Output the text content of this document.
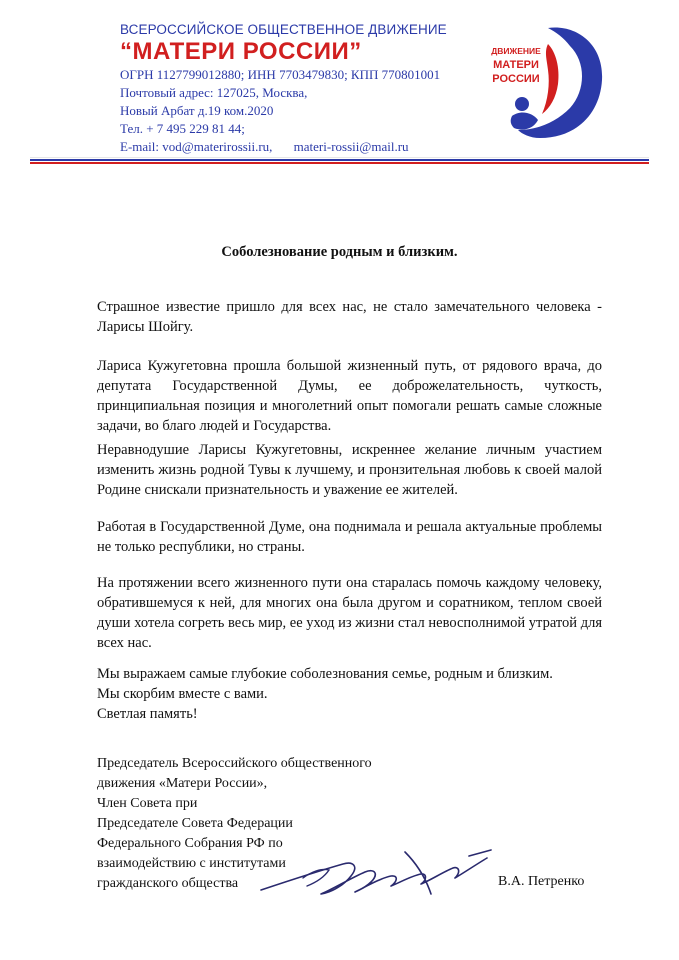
ВСЕРОССИЙСКОЕ ОБЩЕСТВЕННОЕ ДВИЖЕНИЕ
“МАТЕРИ РОССИИ”
ОГРН 1127799012880; ИНН 7703479830; КПП 770801001
Почтовый адрес: 127025, Москва,
Новый Арбат д.19 ком.2020
Тел. + 7 495 229 81 44;
E-mail: vod@materirossii.ru, materi-rossii@mail.ru
ДВИЖЕНИЕ
МАТЕРИ
РОССИИ
Соболезнование родным и близким.
Страшное известие пришло для всех нас, не стало замечательного человека - Ларисы Шойгу.
Лариса Кужугетовна прошла большой жизненный путь, от рядового врача, до депутата Государственной Думы, ее доброжелательность, чуткость, принципиальная позиция и многолетний опыт помогали решать самые сложные задачи, во благо людей и Государства.
Неравнодушие Ларисы Кужугетовны, искреннее желание личным участием изменить жизнь родной Тувы к лучшему, и пронзительная любовь к своей малой Родине снискали признательность и уважение ее жителей.
Работая в Государственной Думе, она поднимала и решала актуальные проблемы не только республики, но страны.
На протяжении всего жизненного пути она старалась помочь каждому человеку, обратившемуся к ней, для многих она была другом и соратником, теплом своей души хотела согреть весь мир, ее уход из жизни стал невосполнимой утратой для всех нас.
Мы выражаем самые глубокие соболезнования семье, родным и близким.
Мы скорбим вместе с вами.
Светлая память!
Председатель Всероссийского общественного
движения «Матери России»,
Член Совета при
Председателе Совета Федерации
Федерального Собрания РФ по
взаимодействию с институтами
гражданского общества	В.А. Петренко
